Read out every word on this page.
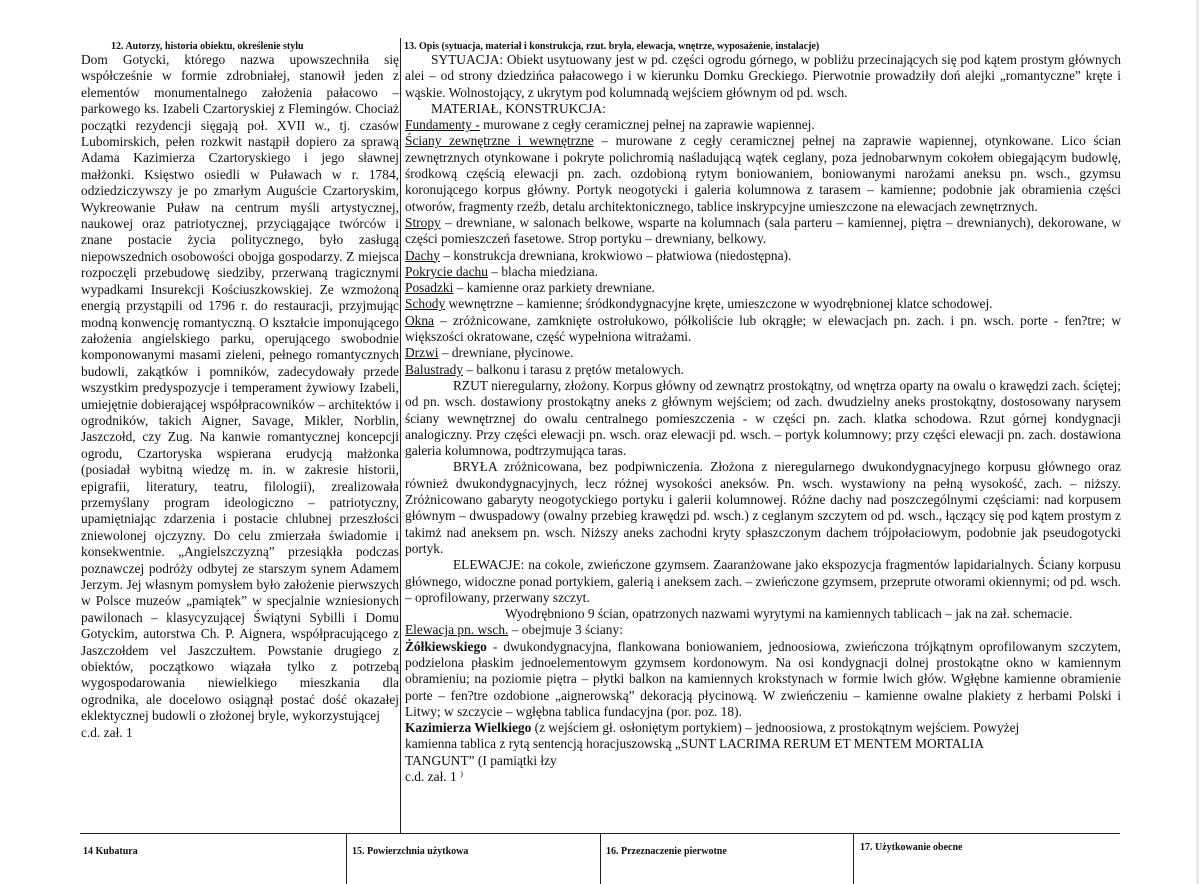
12. Autorzy, historia obiektu, określenie stylu	13. Opis (sytuacja, materiał i konstrukcja, rzut. bryła, elewacja, wnętrze, wyposażenie, instalacje)

Dom Gotycki, którego nazwa upowszechniła się współcześnie w formie zdrobniałej, stanowił jeden z elementów monumentalnego założenia pałacowo – parkowego ks. Izabeli Czartoryskiej z Flemingów. Chociaż początki rezydencji sięgają poł. XVII w., tj. czasów Lubomirskich, pełen rozkwit nastąpił dopiero za sprawą Adama Kazimierza Czartoryskiego i jego sławnej małżonki. Księstwo osiedli w Puławach w r. 1784, odziedziczywszy je po zmarłym Auguście Czartoryskim, Wykreowanie Puław na centrum myśli artystycznej, naukowej oraz patriotycznej, przyciągające twórców i znane postacie życia politycznego, było zasługą niepowszednich osobowości obojga gospodarzy. Z miejsca rozpoczęli przebudowę siedziby, przerwaną tragicznymi wypadkami Insurekcji Kościuszkowskiej. Ze wzmożoną energią przystąpili od 1796 r. do restauracji, przyjmując modną konwencję romantyczną. O kształcie imponującego założenia angielskiego parku, operującego swobodnie komponowanymi masami zieleni, pełnego romantycznych budowli, zakątków i pomników, zadecydowały przede wszystkim predyspozycje i temperament żywiowy Izabeli, umiejętnie dobierającej współpracowników – architektów i ogrodników, takich Aigner, Savage, Mikler, Norblin, Jaszczołd, czy Zug. Na kanwie romantycznej koncepcji ogrodu, Czartoryska wspierana erudycją małżonka (posiadał wybitną wiedzę m. in. w zakresie historii, epigrafii, literatury, teatru, filologii), zrealizowała przemyślany program ideologiczno – patriotyczny, upamiętniając zdarzenia i postacie chlubnej przeszłości zniewolonej ojczyzny. Do celu zmierzała świadomie i konsekwentnie. „Angielszczyzną” przesiąkła podczas poznawczej podróży odbytej ze starszym synem Adamem Jerzym. Jej własnym pomysłem było założenie pierwszych w Polsce muzeów „pamiątek” w specjalnie wzniesionych pawilonach – klasycyzującej Świątyni Sybilli i Domu Gotyckim, autorstwa Ch. P. Aignera, współpracującego z Jaszczołdem vel Jaszczułtem. Powstanie drugiego z obiektów, początkowo wiązała tylko z potrzebą wygospodarowania niewielkiego mieszkania dla ogrodnika, ale docelowo osiągnął postać dość okazałej eklektycznej budowli o złożonej bryle, wykorzystującej

c.d. zał. 1

SYTUACJA: Obiekt usytuowany jest w pd. części ogrodu górnego, w pobliżu przecinających się pod kątem prostym głównych alei – od strony dziedzińca pałacowego i w kierunku Domku Greckiego. Pierwotnie prowadziły doń alejki „romantyczne” kręte i wąskie. Wolnostojący, z ukrytym pod kolumnadą wejściem głównym od pd. wsch.

MATERIAŁ, KONSTRUKCJA:

Fundamenty - murowane z cegły ceramicznej pełnej na zaprawie wapiennej.

Ściany zewnętrzne i wewnętrzne – murowane z cegły ceramicznej pełnej na zaprawie wapiennej, otynkowane. Lico ścian zewnętrznych otynkowane i pokryte polichromią naśladującą wątek ceglany, poza jednobarwnym cokołem obiegającym budowlę, środkową częścią elewacji pn. zach. ozdobioną rytym boniowaniem, boniowanymi narożami aneksu pn. wsch., gzymsu koronującego korpus główny. Portyk neogotycki i galeria kolumnowa z tarasem – kamienne; podobnie jak obramienia części otworów, fragmenty rzeźb, detalu architektonicznego, tablice inskrypcyjne umieszczone na elewacjach zewnętrznych.

Stropy – drewniane, w salonach belkowe, wsparte na kolumnach (sala parteru – kamiennej, piętra – drewnianych), dekorowane, w części pomieszczeń fasetowe. Strop portyku – drewniany, belkowy.

Dachy – konstrukcja drewniana, krokwiowo – płatwiowa (niedostępna).

Pokrycie dachu – blacha miedziana.

Posadzki – kamienne oraz parkiety drewniane.

Schody wewnętrzne – kamienne; śródkondygnacyjne kręte, umieszczone w wyodrębnionej klatce schodowej.

Okna – zróżnicowane, zamknięte ostrołukowo, półkoliście lub okrągłe; w elewacjach pn. zach. i pn. wsch. porte - fen?tre; w większości okratowane, część wypełniona witrażami.

Drzwi – drewniane, płycinowe.

Balustrady – balkonu i tarasu z prętów metalowych.

RZUT nieregularny, złożony. Korpus główny od zewnątrz prostokątny, od wnętrza oparty na owalu o krawędzi zach. ściętej; od pn. wsch. dostawiony prostokątny aneks z głównym wejściem; od zach. dwudzielny aneks prostokątny, dostosowany narysem ściany wewnętrznej do owalu centralnego pomieszczenia - w części pn. zach. klatka schodowa. Rzut górnej kondygnacji analogiczny. Przy części elewacji pn. wsch. oraz elewacji pd. wsch. – portyk kolumnowy; przy części elewacji pn. zach. dostawiona galeria kolumnowa, podtrzymująca taras.

BRYŁA zróżnicowana, bez podpiwniczenia. Złożona z nieregularnego dwukondygnacyjnego korpusu głównego oraz również dwukondygnacyjnych, lecz różnej wysokości aneksów. Pn. wsch. wystawiony na pełną wysokość, zach. – niższy. Zróżnicowano gabaryty neogotyckiego portyku i galerii kolumnowej. Różne dachy nad poszczególnymi częściami: nad korpusem głównym – dwuspadowy (owalny przebieg krawędzi pd. wsch.) z ceglanym szczytem od pd. wsch., łączący się pod kątem prostym z takimż nad aneksem pn. wsch. Niższy aneks zachodni kryty spłaszczonym dachem trójpołaciowym, podobnie jak pseudogotycki portyk.

ELEWACJE: na cokole, zwieńczone gzymsem. Zaaranżowane jako ekspozycja fragmentów lapidarialnych. Ściany korpusu głównego, widoczne ponad portykiem, galerią i aneksem zach. – zwieńczone gzymsem, przeprute otworami okiennymi; od pd. wsch. – oprofilowany, przerwany szczyt.

Wyodrębniono 9 ścian, opatrzonych nazwami wyrytymi na kamiennych tablicach – jak na zał. schemacie.

Elewacja pn. wsch. – obejmuje 3 ściany:

Żółkiewskiego - dwukondygnacyjna, flankowana boniowaniem, jednoosiowa, zwieńczona trójkątnym oprofilowanym szczytem, podzielona płaskim jednoelementowym gzymsem kordonowym. Na osi kondygnacji dolnej prostokątne okno w kamiennym obramieniu; na poziomie piętra – płytki balkon na kamiennych krokstynach w formie lwich głów. Wgłębne kamienne obramienie porte – fen?tre ozdobione „aignerowską” dekoracją płycinową. W zwieńczeniu – kamienne owalne plakiety z herbami Polski i Litwy; w szczycie – wgłębna tablica fundacyjna (por. poz. 18).

Kazimierza Wielkiego (z wejściem gł. osłoniętym portykiem) – jednoosiowa, z prostokątnym wejściem. Powyżej kamienna tablica z rytą sentencją horacjuszowską „SUNT LACRIMA RERUM ET MENTEM MORTALIA TANGUNT” (I pamiątki łzy

c.d. zał. 1 ⁾

14 Kubatura	15. Powierzchnia użytkowa	16. Przeznaczenie pierwotne	17. Użytkowanie obecne
